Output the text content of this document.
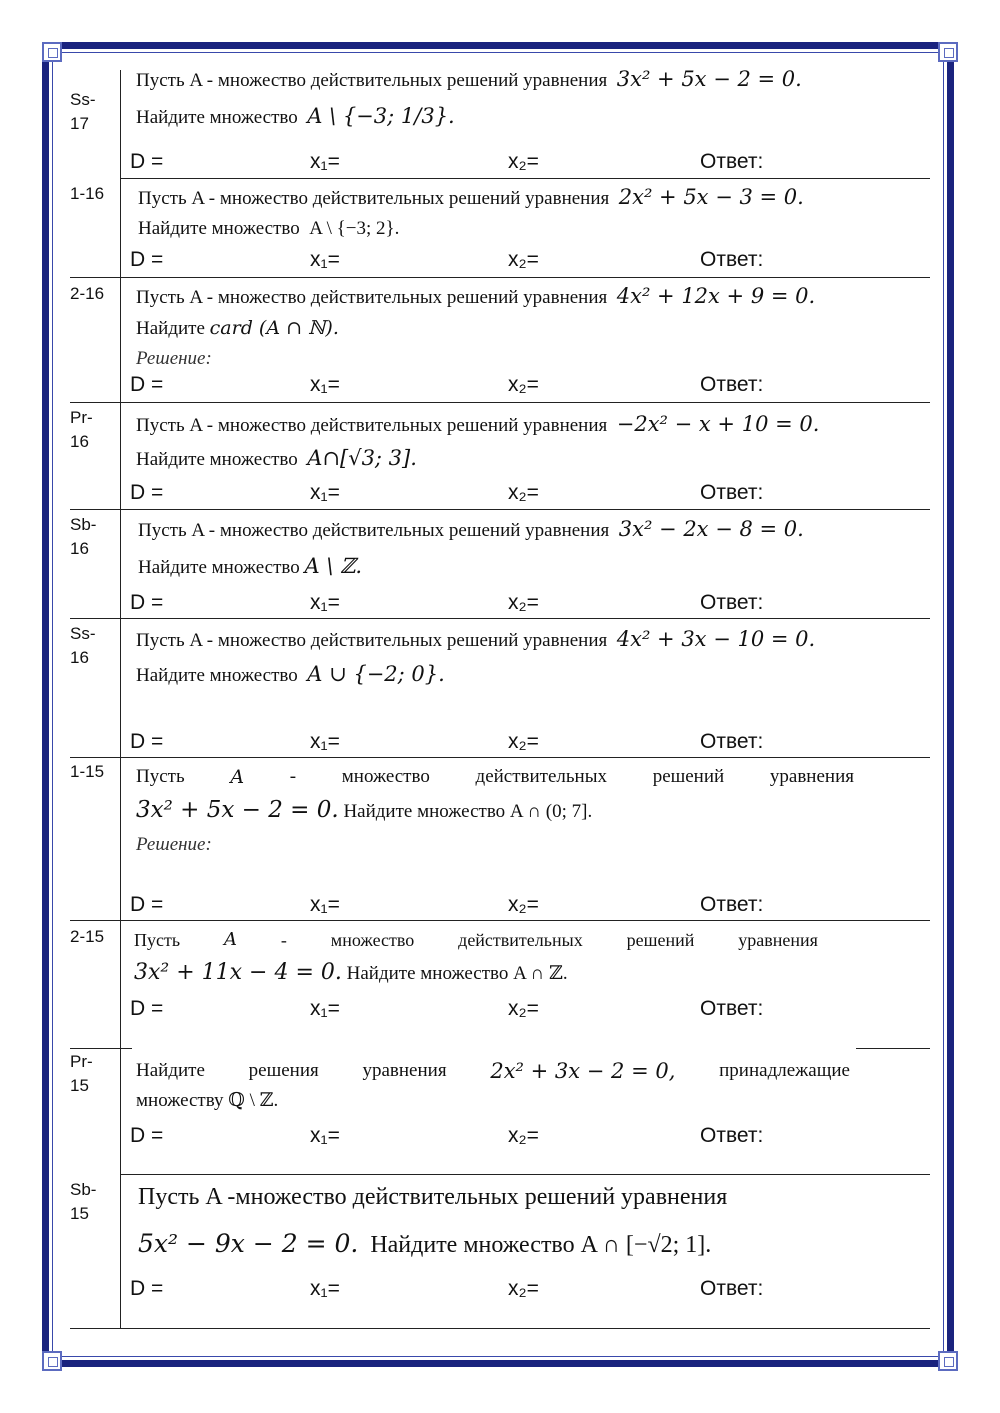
Ss-
17
Пусть A - множество действительных решений уравнения 3x² + 5x − 2 = 0.
Найдите множество A \ {−3; 1/3}.
D =	x₁=	x₂=	Ответ:
1-16	Пусть A - множество действительных решений уравнения 2x² + 5x − 3 = 0.
Найдите множество A \ {−3; 2}.
D =	x₁=	x₂=	Ответ:
2-16	Пусть A - множество действительных решений уравнения 4x² + 12x + 9 = 0.
Найдите card (A ∩ ℕ).
Решение:
D =	x₁=	x₂=	Ответ:
Pr-
16
Пусть A - множество действительных решений уравнения −2x² − x + 10 = 0.
Найдите множество A∩[√3; 3].
D =	x₁=	x₂=	Ответ:
Sb-
16
Пусть A - множество действительных решений уравнения 3x² − 2x − 8 = 0.
Найдите множество A \ ℤ.
D =	x₁=	x₂=	Ответ:
Ss-
16
Пусть A - множество действительных решений уравнения 4x² + 3x − 10 = 0.
Найдите множество A ∪ {−2; 0}.
D =	x₁=	x₂=	Ответ:
1-15	Пусть A - множество действительных решений уравнения
3x² + 5x − 2 = 0. Найдите множество A ∩ (0; 7].
Решение:
D =	x₁=	x₂=	Ответ:
2-15	Пусть A - множество действительных решений уравнения
3x² + 11x − 4 = 0. Найдите множество A ∩ ℤ.
D =	x₁=	x₂=	Ответ:
Pr-
15
Найдите решения уравнения 2x² + 3x − 2 = 0, принадлежащие
множеству ℚ \ ℤ.
D =	x₁=	x₂=	Ответ:
Sb-
15
Пусть A -множество действительных решений уравнения
5x² − 9x − 2 = 0. Найдите множество A ∩ [−√2; 1].
D =	x₁=	x₂=	Ответ:
